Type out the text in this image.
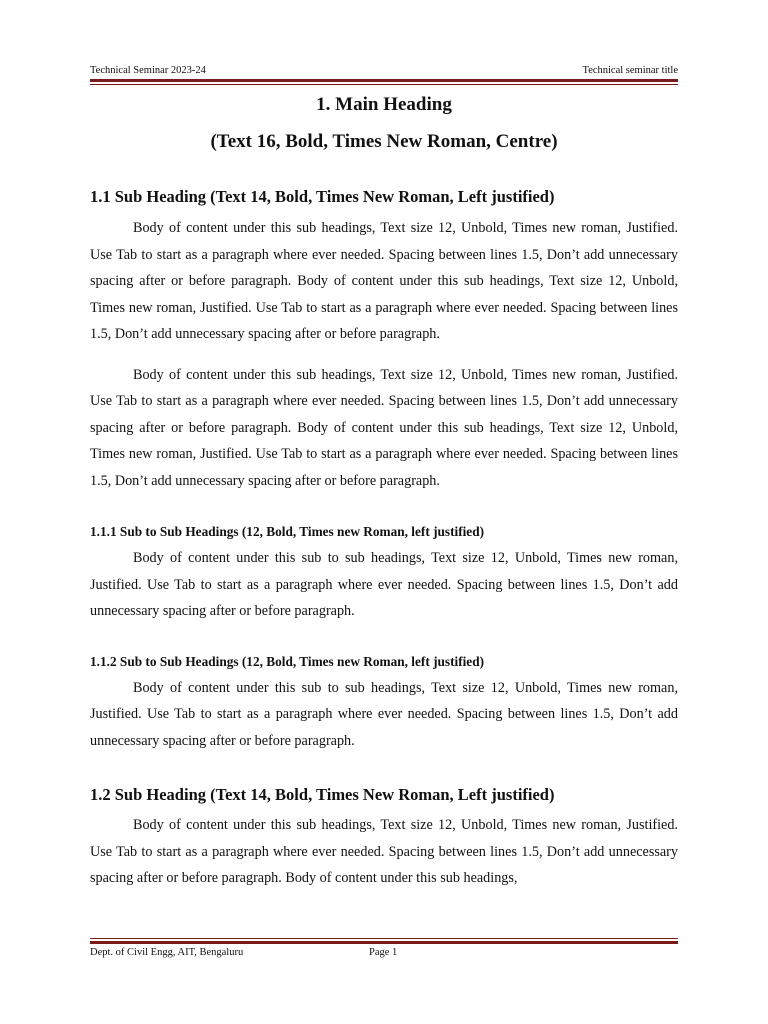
Technical Seminar 2023-24	Technical seminar title
1. Main Heading
(Text 16, Bold, Times New Roman, Centre)
1.1 Sub Heading (Text 14, Bold, Times New Roman, Left justified)

Body of content under this sub headings, Text size 12, Unbold, Times new roman, Justified. Use Tab to start as a paragraph where ever needed. Spacing between lines 1.5, Don’t add unnecessary spacing after or before paragraph. Body of content under this sub headings, Text size 12, Unbold, Times new roman, Justified. Use Tab to start as a paragraph where ever needed. Spacing between lines 1.5, Don’t add unnecessary spacing after or before paragraph.

Body of content under this sub headings, Text size 12, Unbold, Times new roman, Justified. Use Tab to start as a paragraph where ever needed. Spacing between lines 1.5, Don’t add unnecessary spacing after or before paragraph. Body of content under this sub headings, Text size 12, Unbold, Times new roman, Justified. Use Tab to start as a paragraph where ever needed. Spacing between lines 1.5, Don’t add unnecessary spacing after or before paragraph.

1.1.1 Sub to Sub Headings (12, Bold, Times new Roman, left justified)

Body of content under this sub to sub headings, Text size 12, Unbold, Times new roman, Justified. Use Tab to start as a paragraph where ever needed. Spacing between lines 1.5, Don’t add unnecessary spacing after or before paragraph.

1.1.2 Sub to Sub Headings (12, Bold, Times new Roman, left justified)

Body of content under this sub to sub headings, Text size 12, Unbold, Times new roman, Justified. Use Tab to start as a paragraph where ever needed. Spacing between lines 1.5, Don’t add unnecessary spacing after or before paragraph.

1.2 Sub Heading (Text 14, Bold, Times New Roman, Left justified)

Body of content under this sub headings, Text size 12, Unbold, Times new roman, Justified. Use Tab to start as a paragraph where ever needed. Spacing between lines 1.5, Don’t add unnecessary spacing after or before paragraph. Body of content under this sub headings,

Dept. of Civil Engg, AIT, Bengaluru	Page 1
